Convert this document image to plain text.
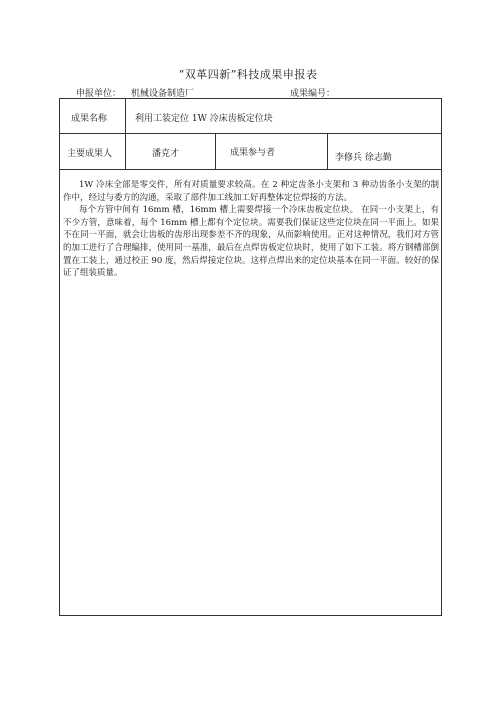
“双革四新”科技成果申报表
申报单位： 机械设备制造厂	成果编号：
成果名称	利用工装定位 1W 冷床齿板定位块
主要成果人	潘克才	成果参与者	李修兵 徐志勤

1W 冷床全部是零交件，所有对质量要求较高。在 2 种定齿条小支架和 3 种动齿条小支架的制作中，经过与委方的沟通，采取了部件加工线加工好再整体定位焊接的方法。

每个方管中间有 16mm 槽，16mm 槽上需要焊接一个冷床齿板定位块。 在同一小支架上，有不少方管，意味着，每个 16mm 槽上都有个定位块。需要我们保证这些定位块在同一平面上。如果不在同一平面，就会让齿板的齿形出现参差不齐的现象，从而影响使用。正对这种情况，我们对方管的加工进行了合理编排，使用同一基准，最后在点焊齿板定位块时，使用了如下工装。将方钢槽部倒置在工装上，通过校正 90 度，然后焊接定位块。这样点焊出来的定位块基本在同一平面。较好的保证了组装质量。
